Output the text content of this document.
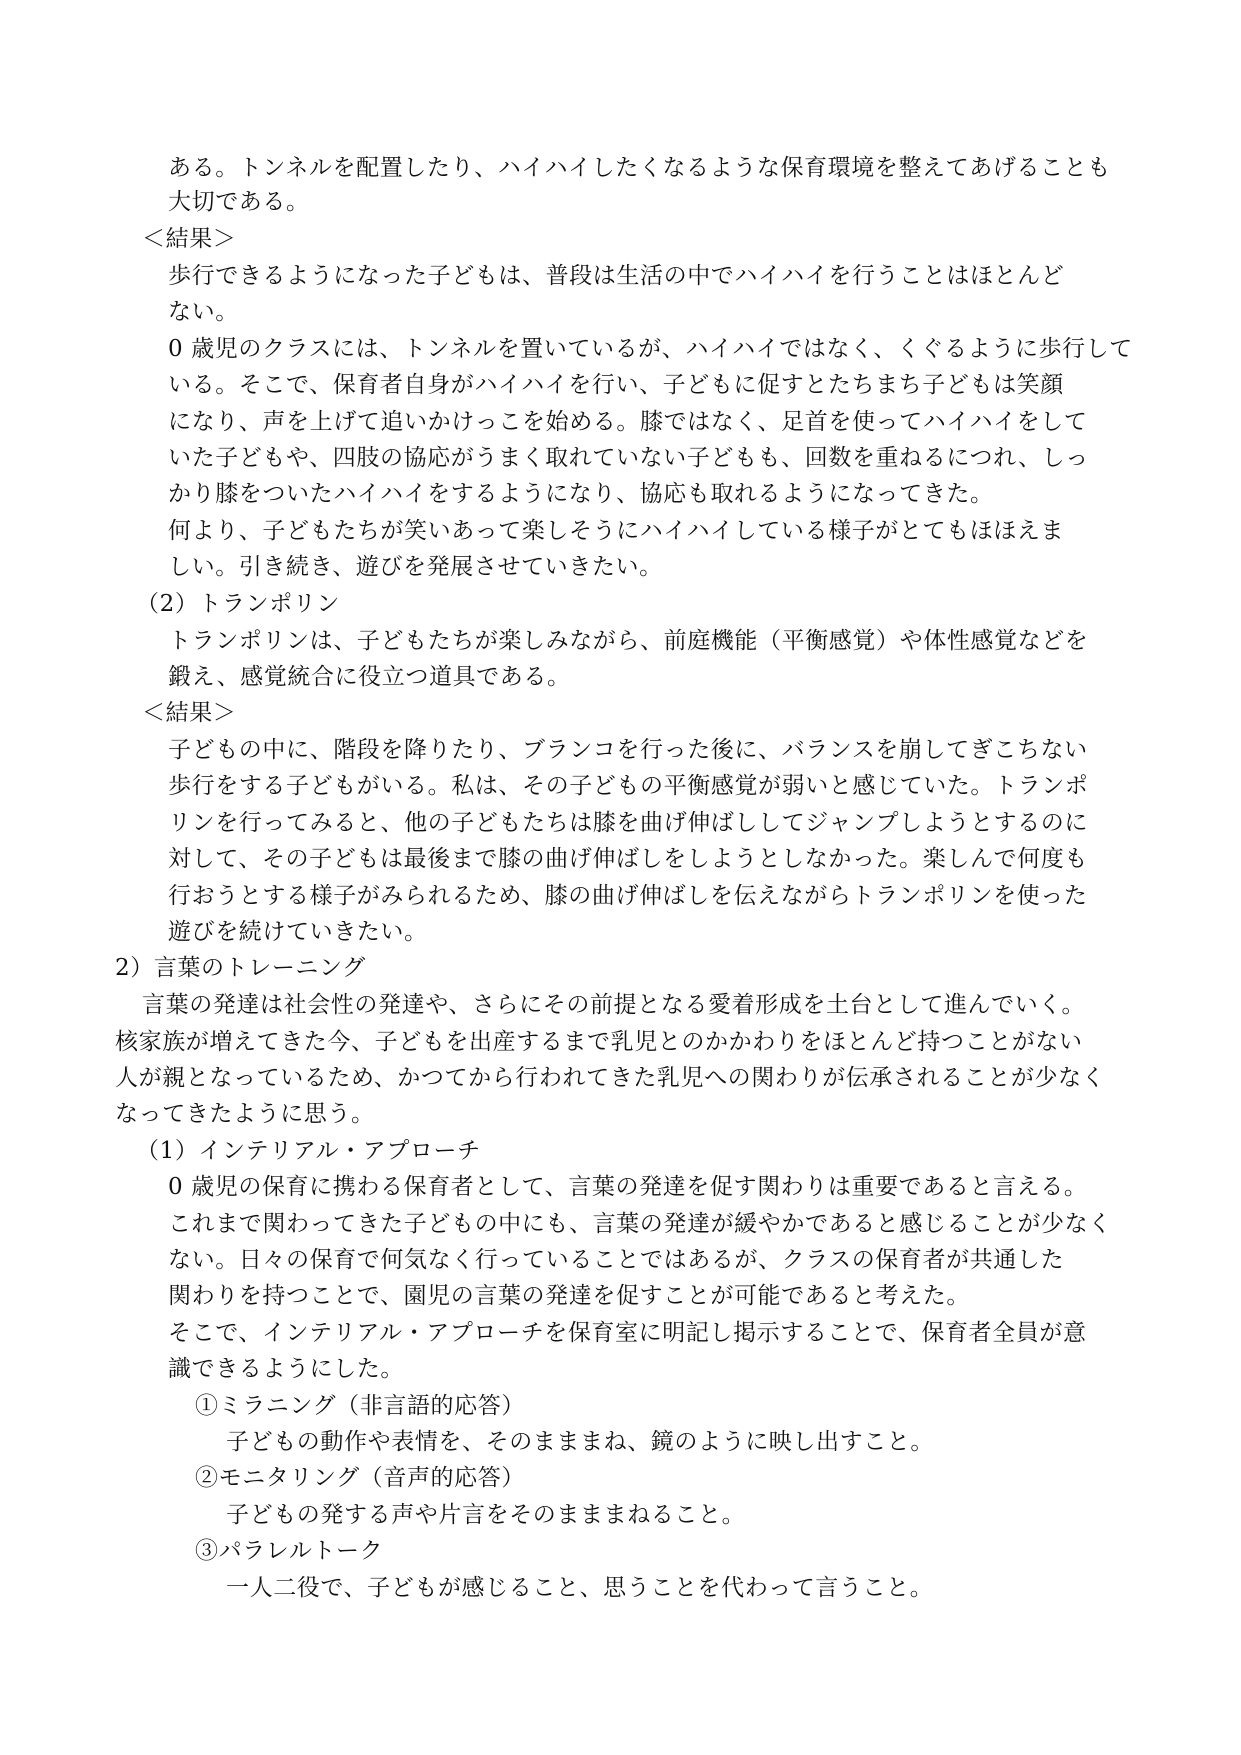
ある。トンネルを配置したり、ハイハイしたくなるような保育環境を整えてあげることも
大切である。
＜結果＞
歩行できるようになった子どもは、普段は生活の中でハイハイを行うことはほとんど
ない。
0 歳児のクラスには、トンネルを置いているが、ハイハイではなく、くぐるように歩行して
いる。そこで、保育者自身がハイハイを行い、子どもに促すとたちまち子どもは笑顔
になり、声を上げて追いかけっこを始める。膝ではなく、足首を使ってハイハイをして
いた子どもや、四肢の協応がうまく取れていない子どもも、回数を重ねるにつれ、しっ
かり膝をついたハイハイをするようになり、協応も取れるようになってきた。
何より、子どもたちが笑いあって楽しそうにハイハイしている様子がとてもほほえま
しい。引き続き、遊びを発展させていきたい。
（2）トランポリン
トランポリンは、子どもたちが楽しみながら、前庭機能（平衡感覚）や体性感覚などを
鍛え、感覚統合に役立つ道具である。
＜結果＞
子どもの中に、階段を降りたり、ブランコを行った後に、バランスを崩してぎこちない
歩行をする子どもがいる。私は、その子どもの平衡感覚が弱いと感じていた。トランポ
リンを行ってみると、他の子どもたちは膝を曲げ伸ばししてジャンプしようとするのに
対して、その子どもは最後まで膝の曲げ伸ばしをしようとしなかった。楽しんで何度も
行おうとする様子がみられるため、膝の曲げ伸ばしを伝えながらトランポリンを使った
遊びを続けていきたい。
2）言葉のトレーニング
言葉の発達は社会性の発達や、さらにその前提となる愛着形成を土台として進んでいく。
核家族が増えてきた今、子どもを出産するまで乳児とのかかわりをほとんど持つことがない
人が親となっているため、かつてから行われてきた乳児への関わりが伝承されることが少なく
なってきたように思う。
（1）インテリアル・アプローチ
0 歳児の保育に携わる保育者として、言葉の発達を促す関わりは重要であると言える。
これまで関わってきた子どもの中にも、言葉の発達が緩やかであると感じることが少なく
ない。日々の保育で何気なく行っていることではあるが、クラスの保育者が共通した
関わりを持つことで、園児の言葉の発達を促すことが可能であると考えた。
そこで、インテリアル・アプローチを保育室に明記し掲示することで、保育者全員が意
識できるようにした。
①ミラニング（非言語的応答）
子どもの動作や表情を、そのまままね、鏡のように映し出すこと。
②モニタリング（音声的応答）
子どもの発する声や片言をそのまままねること。
③パラレルトーク
一人二役で、子どもが感じること、思うことを代わって言うこと。
